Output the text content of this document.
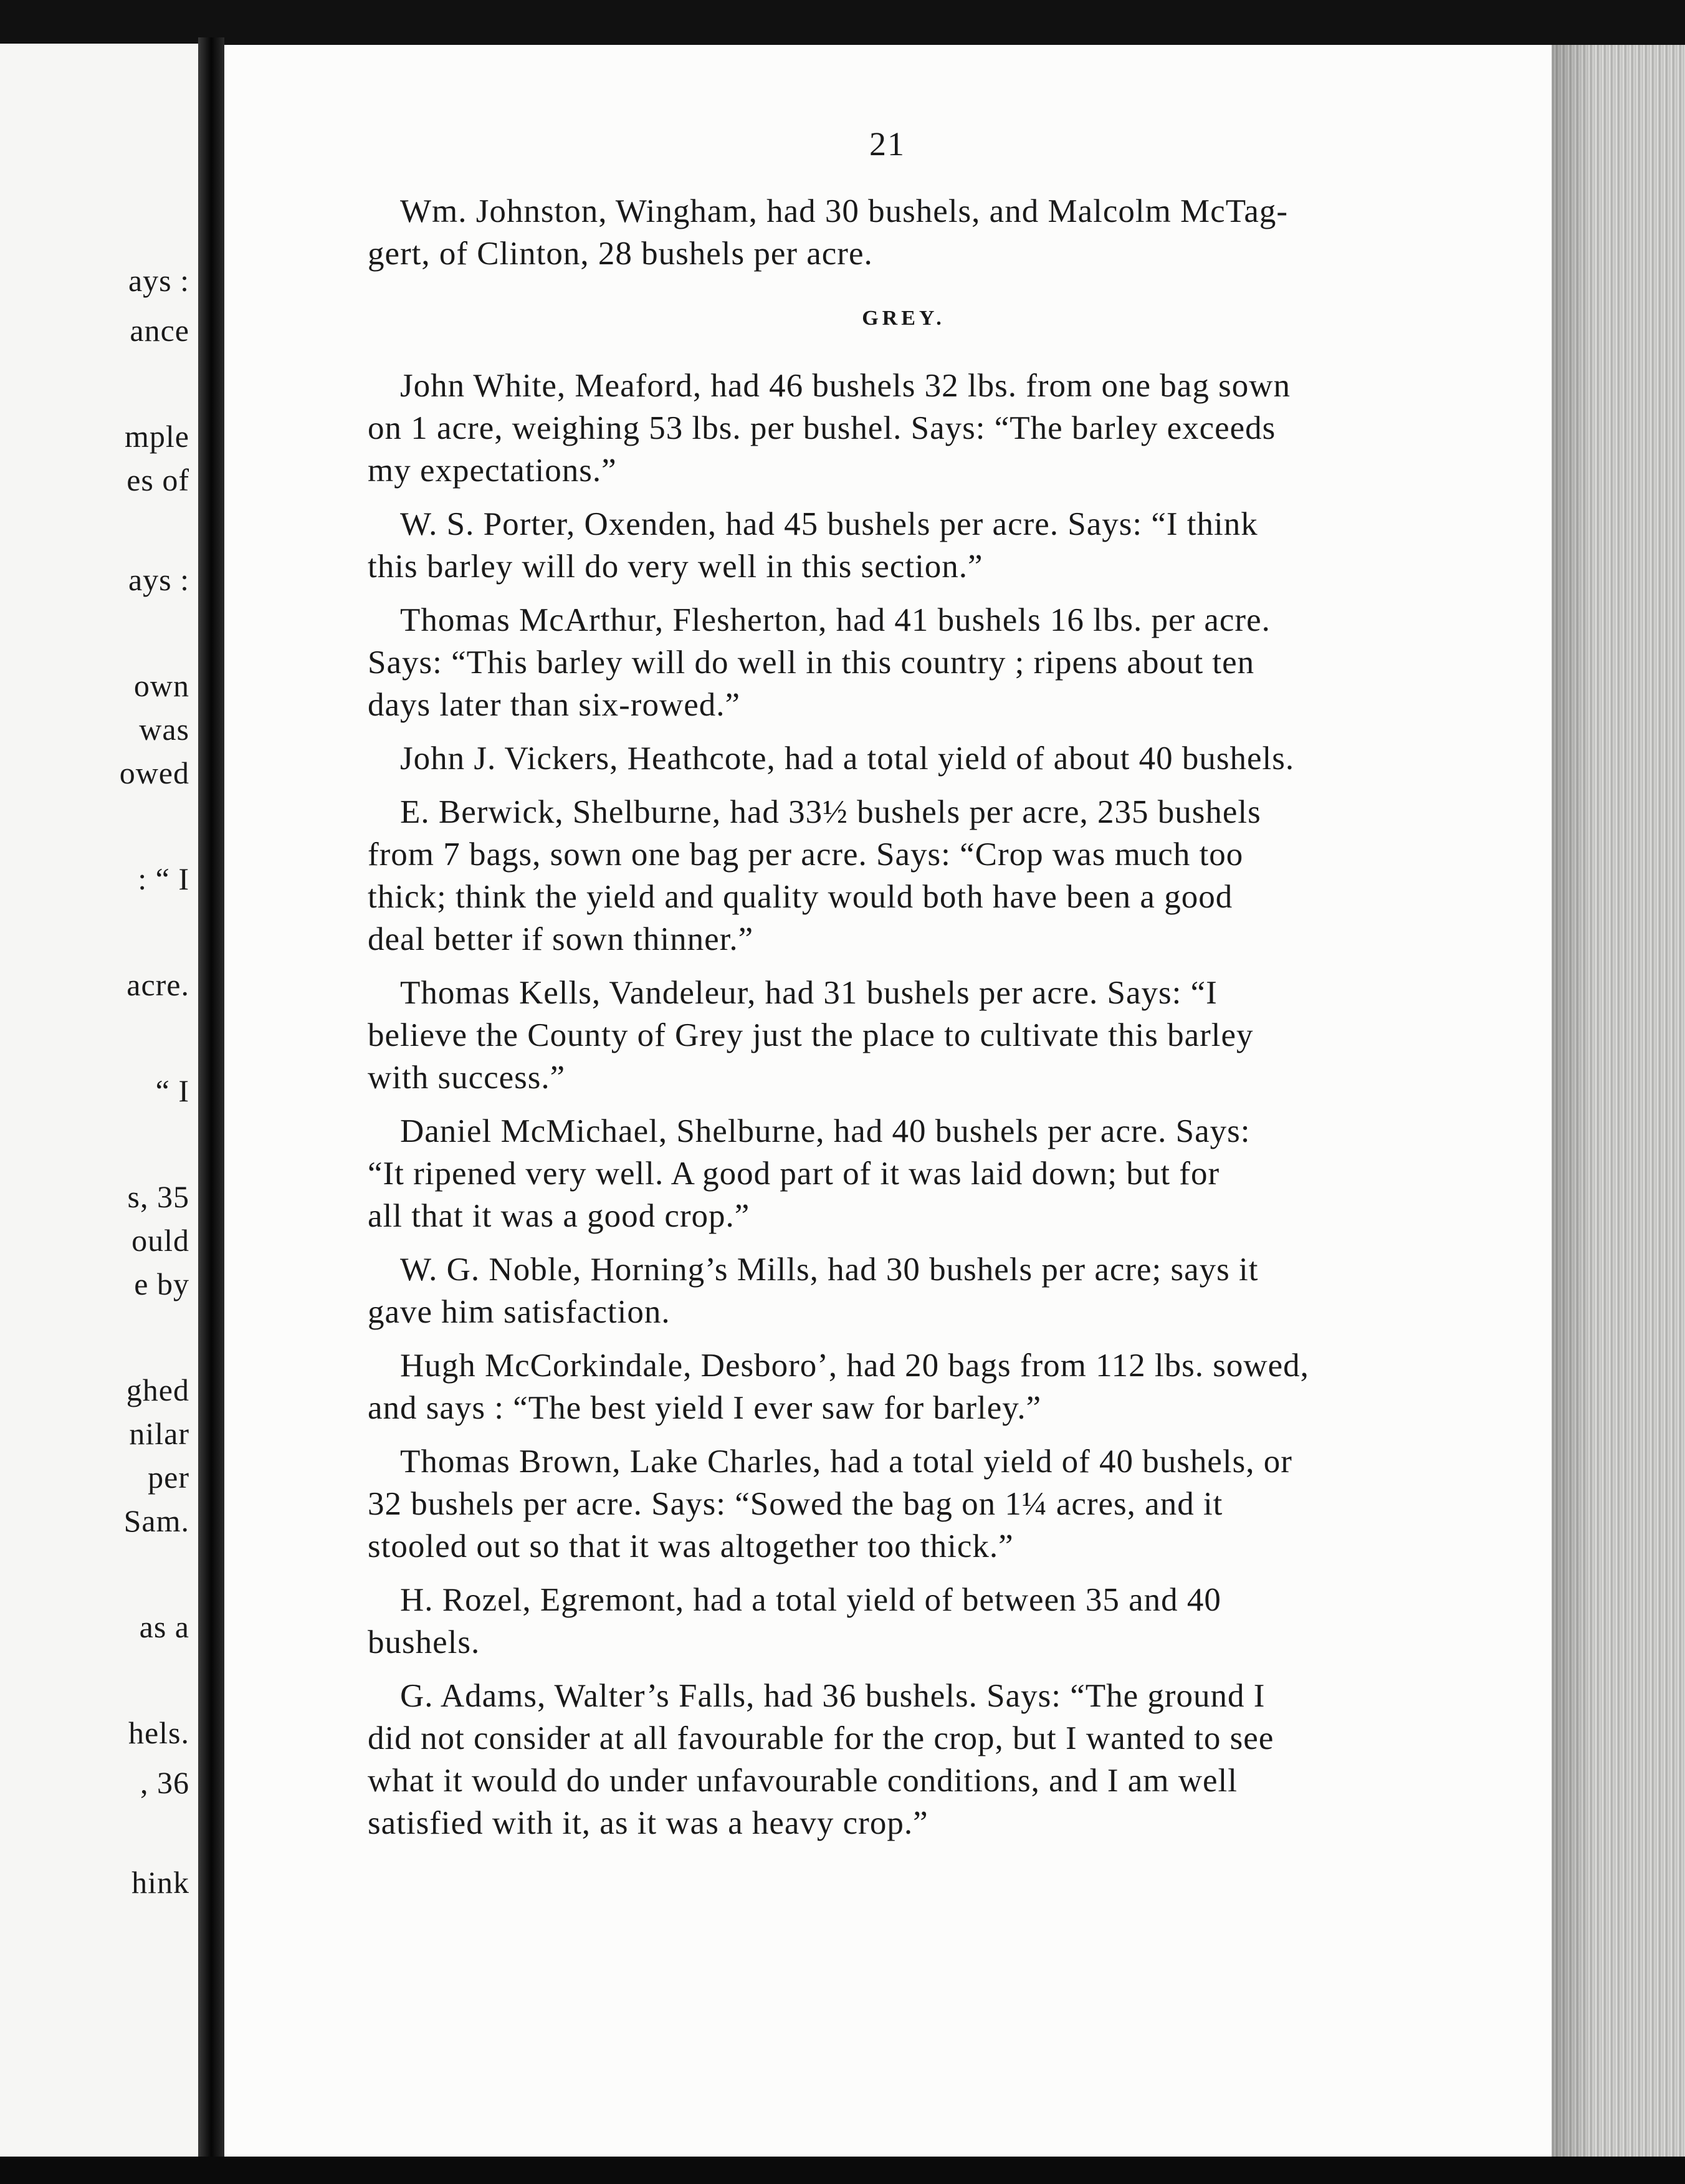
ays :
ance
mple
es of
ays :
own
was
owed
: “ I
acre.
“ I
s, 35
ould
e by
ghed
nilar
per
Sam.
as a
hels.
, 36
hink
21
Wm. Johnston, Wingham, had 30 bushels, and Malcolm McTag-
gert, of Clinton, 28 bushels per acre.
GREY.
John White, Meaford, had 46 bushels 32 lbs. from one bag sown
on 1 acre, weighing 53 lbs. per bushel. Says: “The barley exceeds
my expectations.”
W. S. Porter, Oxenden, had 45 bushels per acre. Says: “I think
this barley will do very well in this section.”
Thomas McArthur, Flesherton, had 41 bushels 16 lbs. per acre.
Says: “This barley will do well in this country ; ripens about ten
days later than six-rowed.”
John J. Vickers, Heathcote, had a total yield of about 40 bushels.
E. Berwick, Shelburne, had 33½ bushels per acre, 235 bushels
from 7 bags, sown one bag per acre. Says: “Crop was much too
thick; think the yield and quality would both have been a good
deal better if sown thinner.”
Thomas Kells, Vandeleur, had 31 bushels per acre. Says: “I
believe the County of Grey just the place to cultivate this barley
with success.”
Daniel McMichael, Shelburne, had 40 bushels per acre. Says:
“It ripened very well. A good part of it was laid down; but for
all that it was a good crop.”
W. G. Noble, Horning’s Mills, had 30 bushels per acre; says it
gave him satisfaction.
Hugh McCorkindale, Desboro’, had 20 bags from 112 lbs. sowed,
and says : “The best yield I ever saw for barley.”
Thomas Brown, Lake Charles, had a total yield of 40 bushels, or
32 bushels per acre. Says: “Sowed the bag on 1¼ acres, and it
stooled out so that it was altogether too thick.”
H. Rozel, Egremont, had a total yield of between 35 and 40
bushels.
G. Adams, Walter’s Falls, had 36 bushels. Says: “The ground I
did not consider at all favourable for the crop, but I wanted to see
what it would do under unfavourable conditions, and I am well
satisfied with it, as it was a heavy crop.”
